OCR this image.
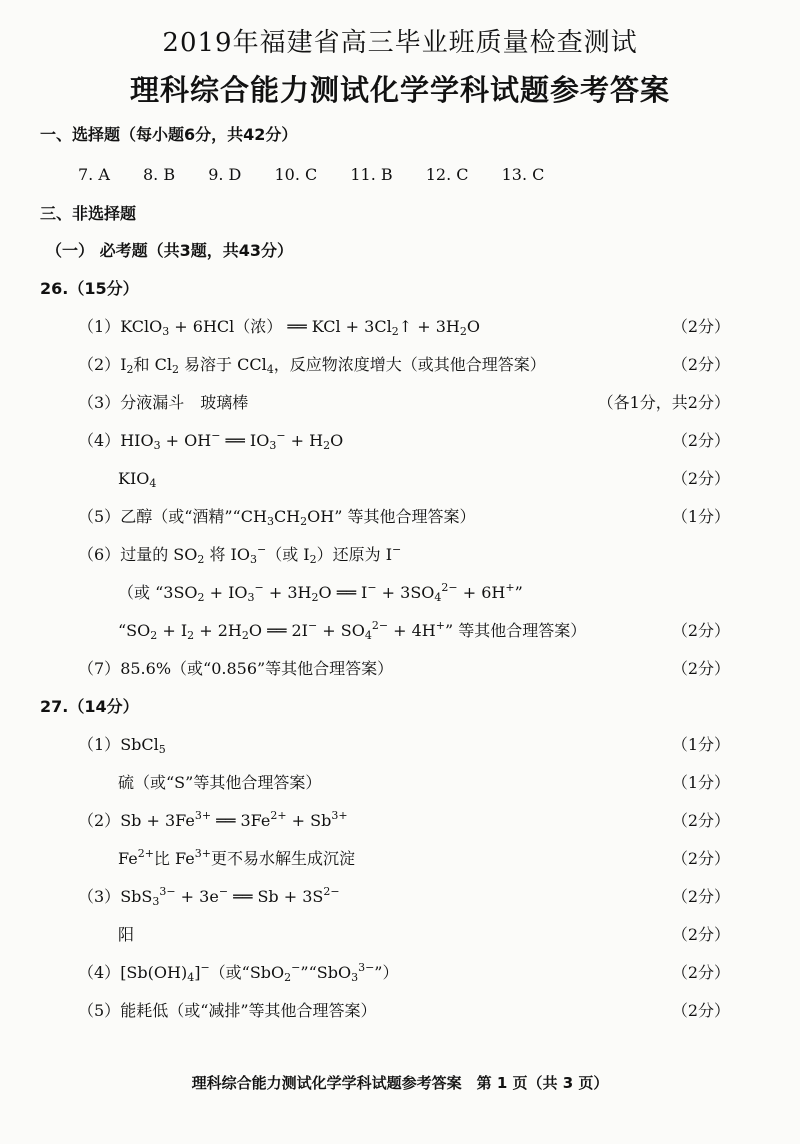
2019年福建省高三毕业班质量检查测试
理科综合能力测试化学学科试题参考答案
一、选择题（每小题6分，共42分）
7. A 8. B 9. D 10. C 11. B 12. C 13. C
三、非选择题
（一） 必考题（共3题，共43分）
26.（15分）
（1）KClO$_3$ + 6HCl（浓） ══ KCl + $3Cl_2↑ + 3H_2O$	（2分）
$(2)I_2$和 $Cl_2$ 易溶于 CCl$_4$，反应物浓度增大（或其他合理答案）	（2分）
（3）分液漏斗　玻璃棒	（各1分，共2分）
$(4)HIO_3 + OH^-$ ══ $IO_3^- + H_2O$	（2分）
$KIO_4$	（2分）
（5）乙醇（或“酒精$”“CH_3CH_2OH$” 等其他合理答案）	（1分）
（6）过量的 $SO_2$ 将 $IO_3^-$（或 $I_2$）还原为 I−
（或 “$3SO_2 + IO_3^- + 3H_2O$ ══ $I^- + 3SO_4^{2-} + 6H^+$”
“$SO_2 + I_2 + 2H_2O$ ══ $2I^- + SO_4^{2-} + 4H^+$” 等其他合理答案）	（2分）
（7）85.6%（或“0.856”等其他合理答案）	（2分）
27.（14分）
（1）SbCl$_5$	（1分）
硫（或“S”等其他合理答案）	（1分）
$(2)Sb + 3Fe^{3+}$ ══ $3Fe^{2+} + Sb^{3+}$	（2分）
$Fe^{2+}$比 $Fe^{3+}$更不易水解生成沉淀	（2分）
（3）SbS$_3^{3-}$ + 3e− ══ $Sb + 3S^{2-}$	（2分）
阳	（2分）
$(4)[Sb(OH)_4]^-$（或“SbO$_2$−”“SbO$_3^{3-}$”）	（2分）
（5）能耗低（或“减排”等其他合理答案）	（2分）
理科综合能力测试化学学科试题参考答案　第 1 页（共 3 页）
